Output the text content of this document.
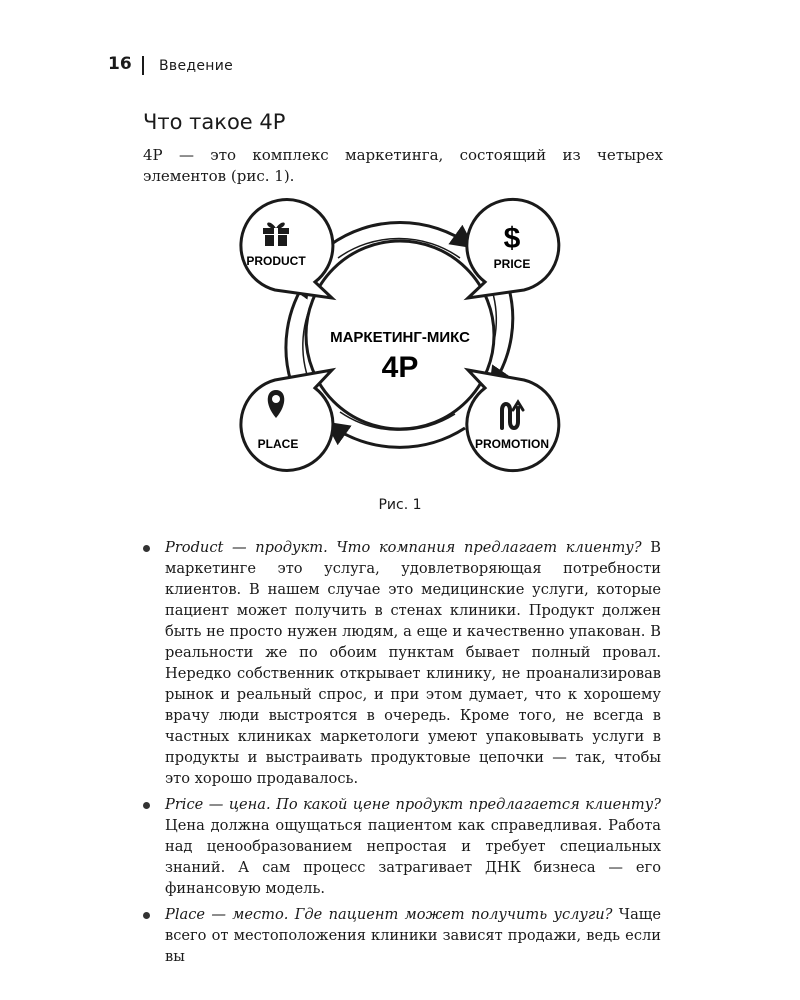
16 Введение
Что такое 4Р
4Р — это комплекс маркетинга, состоящий из четырех элементов (рис. 1).
МАРКЕТИНГ-МИКС
4Р
PRODUCT
$
PRICE
PLACE	PROMOTION
Рис. 1
Product — продукт. Что компания предлагает клиенту? В маркетинге это услуга, удовлетворяющая потребности клиентов. В нашем случае это медицинские услуги, которые пациент может получить в стенах клиники. Продукт должен быть не просто нужен людям, а еще и качественно упакован. В реальности же по обоим пунктам бывает полный провал. Нередко собственник открывает клинику, не проанализировав рынок и реальный спрос, и при этом думает, что к хорошему врачу люди выстроятся в очередь. Кроме того, не всегда в частных клиниках маркетологи умеют упаковывать услуги в продукты и выстраивать продуктовые цепочки — так, чтобы это хорошо продавалось.
Price — цена. По какой цене продукт предлагается клиенту? Цена должна ощущаться пациентом как справедливая. Работа над ценообразованием непростая и требует специальных знаний. А сам процесс затрагивает ДНК бизнеса — его финансовую модель.
Place — место. Где пациент может получить услуги? Чаще всего от местоположения клиники зависят продажи, ведь если вы
